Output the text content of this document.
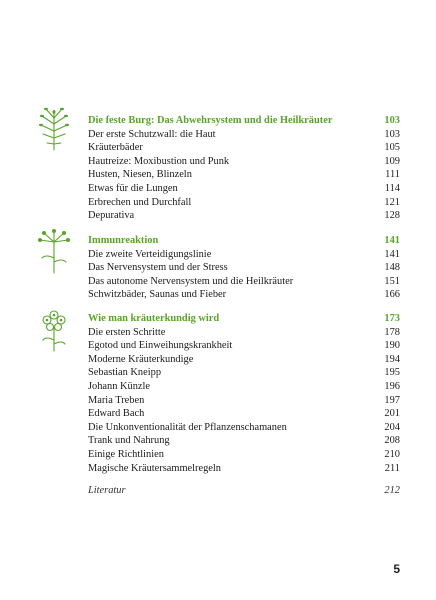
Die feste Burg: Das Abwehrsystem und die Heilkräuter	103
Der erste Schutzwall: die Haut	103
Kräuterbäder	105
Hautreize: Moxibustion und Punk	109
Husten, Niesen, Blinzeln	111
Etwas für die Lungen	114
Erbrechen und Durchfall	121
Depurativa	128
Immunreaktion	141
Die zweite Verteidigungslinie	141
Das Nervensystem und der Stress	148
Das autonome Nervensystem und die Heilkräuter	151
Schwitzbäder, Saunas und Fieber	166
Wie man kräuterkundig wird	173
Die ersten Schritte	178
Egotod und Einweihungskrankheit	190
Moderne Kräuterkundige	194
Sebastian Kneipp	195
Johann Künzle	196
Maria Treben	197
Edward Bach	201
Die Unkonventionalität der Pflanzenschamanen	204
Trank und Nahrung	208
Einige Richtlinien	210
Magische Kräutersammelregeln	211
Literatur	212
5
